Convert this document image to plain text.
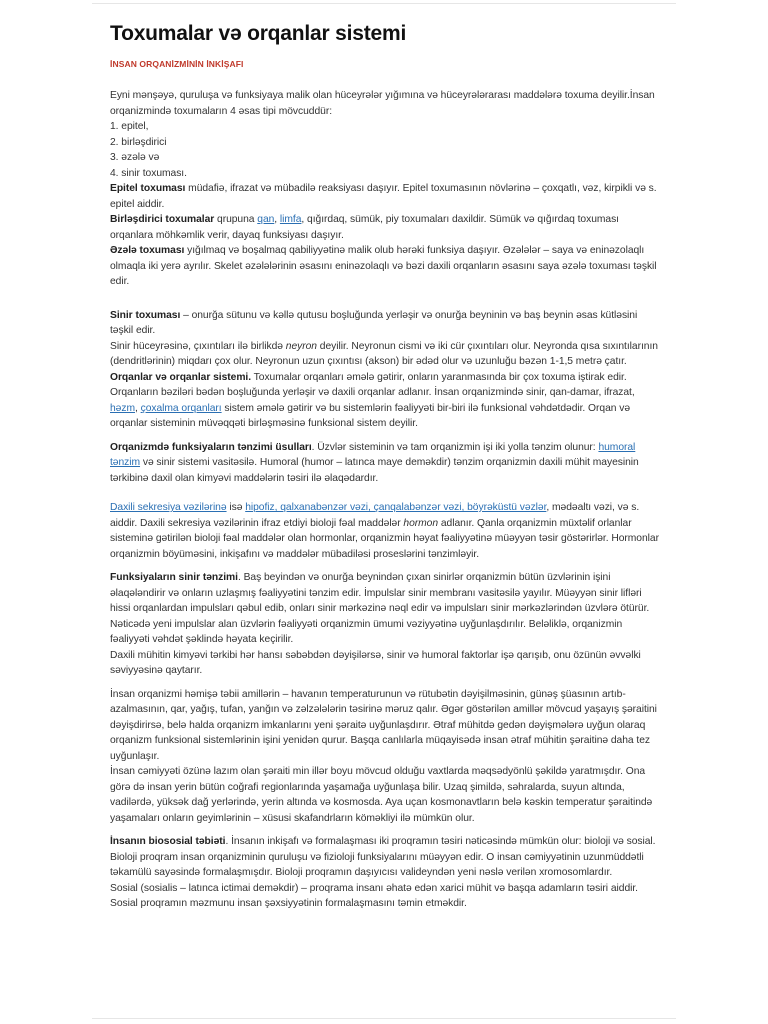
Toxumalar və orqanlar sistemi
İNSAN ORQANİZMİNİN İNKİŞAFI
Eyni mənşəyə, quruluşa və funksiyaya malik olan hüceyrələr yığımına və hüceyrələrarası maddələrə toxuma deyilir.İnsan orqanizmində toxumaların 4 əsas tipi mövcuddür:
1. epitel,
2. birləşdirici
3. əzələ və
4. sinir toxuması.
Epitel toxuması müdafiə, ifrazat və mübadilə reaksiyası daşıyır. Epitel toxumasının növlərinə – çoxqatlı, vəz, kirpikli və s. epitel aiddir.
Birləşdirici toxumalar qrupuna qan, limfa, qığırdaq, sümük, piy toxumaları daxildir. Sümük və qığırdaq toxuması orqanlara möhkəmlik verir, dayaq funksiyası daşıyır.
Əzələ toxuması yığılmaq və boşalmaq qabiliyyətinə malik olub hərəki funksiya daşıyır. Əzələlər – saya və eninəzolaqlı olmaqla iki yerə ayrılır. Skelet əzələlərinin əsasını eninəzolaqlı və bəzi daxili orqanların əsasını saya əzələ toxuması təşkil edir.
Sinir toxuması – onurğa sütunu və kəllə qutusu boşluğunda yerləşir və onurğa beyninin və baş beynin əsas kütləsini təşkil edir.
Sinir hüceyrəsinə, çıxıntıları ilə birlikdə neyron deyilir. Neyronun cismi və iki cür çıxıntıları olur. Neyronda qısa sıxıntılarının (dendritlərinin) miqdarı çox olur. Neyronun uzun çıxıntısı (akson) bir ədəd olur və uzunluğu bəzən 1-1,5 metrə çatır.
Orqanlar və orqanlar sistemi. Toxumalar orqanları əmələ gətirir, onların yaranmasında bir çox toxuma iştirak edir. Orqanların bəziləri bədən boşluğunda yerləşir və daxili orqanlar adlanır. İnsan orqanizmində sinir, qan-damar, ifrazat, həzm, çoxalma orqanları sistem əmələ gətirir və bu sistemlərin fəaliyyəti bir-biri ilə funksional vəhdətdədir. Orqan və orqanlar sisteminin müvəqqəti birləşməsinə funksional sistem deyilir.
Orqanizmdə funksiyaların tənzimi üsulları. Üzvlər sisteminin və tam orqanizmin işi iki yolla tənzim olunur: humoral tənzim və sinir sistemi vasitəsilə. Humoral (humor – latınca maye deməkdir) tənzim orqanizmin daxili mühit mayesinin tərkibinə daxil olan kimyəvi maddələrin təsiri ilə əlaqədardır.
Daxili sekresiya vəzilərinə isə hipofiz, qalxanabənzər vəzi, çanqalabənzər vəzi, böyrəküstü vəzlər, mədəaltı vəzi, və s. aiddir. Daxili sekresiya vəzilərinin ifraz etdiyi bioloji fəal maddələr hormon adlanır. Qanla orqanizmin müxtəlif orlanlar sisteminə gətirilən bioloji fəal maddələr olan hormonlar, orqanizmin həyat fəaliyyətinə müəyyən təsir göstərirlər. Hormonlar orqanizmin böyüməsini, inkişafını və maddələr mübadiləsi proseslərini tənzimləyir.
Funksiyaların sinir tənzimi. Baş beyindən və onurğa beynindən çıxan sinirlər orqanizmin bütün üzvlərinin işini əlaqələndirir və onların uzlaşmış fəaliyyətini tənzim edir. İmpulslar sinir membranı vasitəsilə yayılır. Müəyyən sinir lifləri hissi orqanlardan impulsları qəbul edib, onları sinir mərkəzinə nəql edir və impulsları sinir mərkəzlərindən üzvlərə ötürür. Nəticədə yeni impulslar alan üzvlərin fəaliyyəti orqanizmin ümumi vəziyyətinə uyğunlaşdırılır. Beləliklə, orqanizmin fəaliyyəti vəhdət şəklində həyata keçirilir.
Daxili mühitin kimyəvi tərkibi hər hansı səbəbdən dəyişilərsə, sinir və humoral faktorlar işə qarışıb, onu özünün əvvəlki səviyyəsinə qaytarır.
İnsan orqanizmi həmişə təbii amillərin – havanın temperaturunun və rütubətin dəyişilməsinin, günəş şüasının artıb-azalmasının, qar, yağış, tufan, yanğın və zəlzələlərin təsirinə məruz qalır. Əgər göstərilən amillər mövcud yaşayış şəraitini dəyişdirirsə, belə halda orqanizm imkanlarını yeni şəraitə uyğunlaşdırır. Ətraf mühitdə gedən dəyişmələrə uyğun olaraq orqanizm funksional sistemlərinin işini yenidən qurur. Başqa canlılarla müqayisədə insan ətraf mühitin şəraitinə daha tez uyğunlaşır.
İnsan cəmiyyəti özünə lazım olan şəraiti min illər boyu mövcud olduğu vaxtlarda məqsədyönlü şəkildə yaratmışdır. Ona görə də insan yerin bütün coğrafi regionlarında yaşamağa uyğunlaşa bilir. Uzaq şimildə, səhralarda, suyun altında, vadilərdə, yüksək dağ yerlərində, yerin altında və kosmosda. Aya uçan kosmonavtların belə kəskin temperatur şəraitində yaşamaları onların geyimlərinin – xüsusi skafandrların köməkliyi ilə mümkün olur.
İnsanın biososial təbiəti. İnsanın inkişafı və formalaşması iki proqramın təsiri nəticəsində mümkün olur: bioloji və sosial.
Bioloji proqram insan orqanizminin quruluşu və fizioloji funksiyalarını müəyyən edir. O insan cəmiyyətinin uzunmüddətli təkamülü sayəsində formalaşmışdır. Bioloji proqramın daşıyıcısı valideyndən yeni nəslə verilən xromosomlardır.
Sosial (sosialis – latınca ictimai deməkdir) – proqrama insanı əhatə edən xarici mühit və başqa adamların təsiri aiddir. Sosial proqramın məzmunu insan şəxsiyyətinin formalaşmasını təmin etməkdir.
